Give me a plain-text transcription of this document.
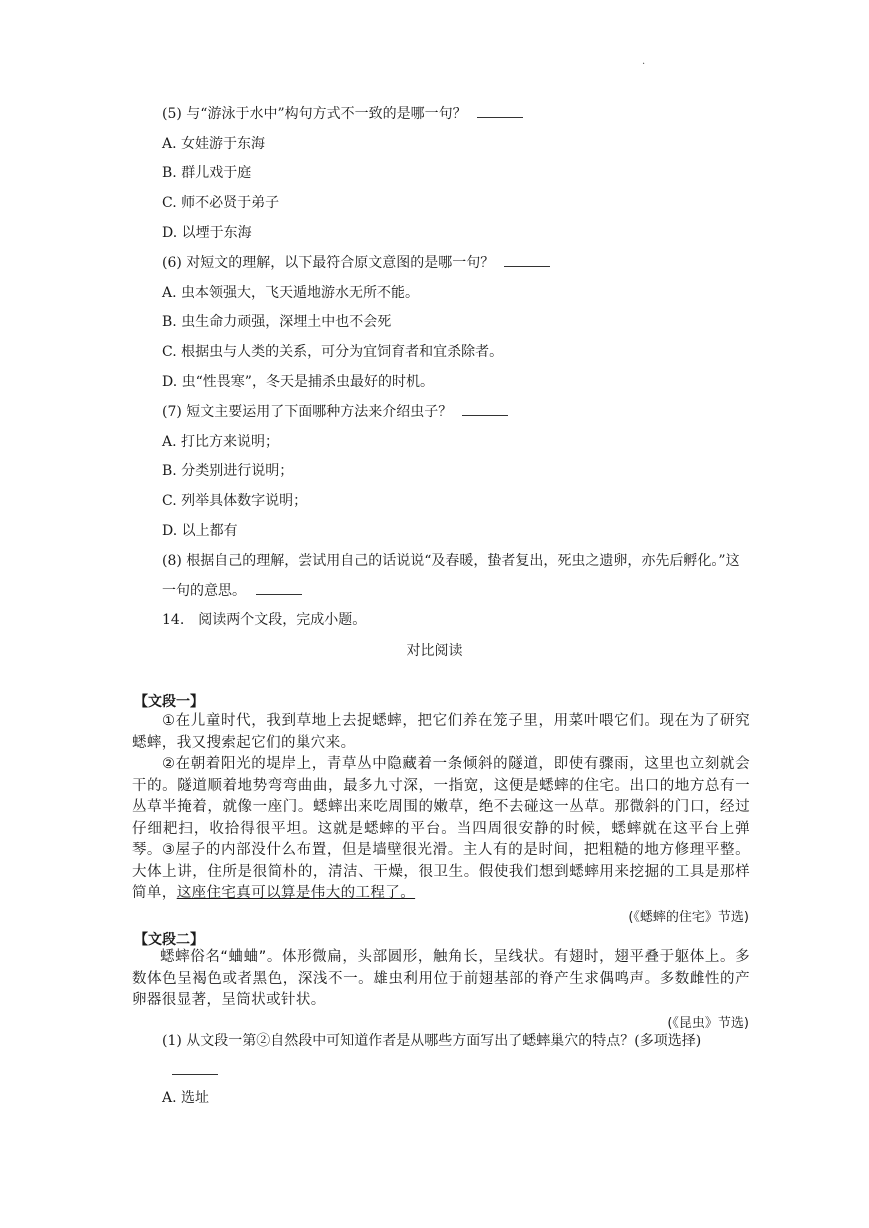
.
(5) 与“游泳于水中”构句方式不一致的是哪一句？
A. 女娃游于东海
B. 群儿戏于庭
C. 师不必贤于弟子
D. 以堙于东海
(6) 对短文的理解，以下最符合原文意图的是哪一句？
A. 虫本领强大，飞天遁地游水无所不能。
B. 虫生命力顽强，深埋土中也不会死
C. 根据虫与人类的关系，可分为宜饲育者和宜杀除者。
D. 虫“性畏寒”，冬天是捕杀虫最好的时机。
(7) 短文主要运用了下面哪种方法来介绍虫子？
A. 打比方来说明；
B. 分类别进行说明；
C. 列举具体数字说明；
D. 以上都有
(8) 根据自己的理解，尝试用自己的话说说“及春暖，蛰者复出，死虫之遗卵，亦先后孵化。”这一句的意思。
14.　阅读两个文段，完成小题。
对比阅读
【文段一】
①在儿童时代，我到草地上去捉蟋蟀，把它们养在笼子里，用菜叶喂它们。现在为了研究蟋蟀，我又搜索起它们的巢穴来。
②在朝着阳光的堤岸上，青草丛中隐藏着一条倾斜的隧道，即使有骤雨，这里也立刻就会干的。隧道顺着地势弯弯曲曲，最多九寸深，一指宽，这便是蟋蟀的住宅。出口的地方总有一丛草半掩着，就像一座门。蟋蟀出来吃周围的嫩草，绝不去碰这一丛草。那微斜的门口，经过仔细耙扫，收拾得很平坦。这就是蟋蟀的平台。当四周很安静的时候，蟋蟀就在这平台上弹琴。 ③屋子的内部没什么布置，但是墙壁很光滑。主人有的是时间，把粗糙的地方修理平整。大体上讲，住所是很简朴的，清洁、干燥，很卫生。假使我们想到蟋蟀用来挖掘的工具是那样简单，这座住宅真可以算是伟大的工程了。
(《蟋蟀的住宅》节选)
【文段二】
蟋蟀俗名“蛐蛐”。体形微扁，头部圆形，触角长，呈线状。有翅时，翅平叠于躯体上。多数体色呈褐色或者黑色，深浅不一。雄虫利用位于前翅基部的脊产生求偶鸣声。多数雌性的产卵器很显著，呈筒状或针状。
(《昆虫》节选)
(1) 从文段一第②自然段中可知道作者是从哪些方面写出了蟋蟀巢穴的特点？(多项选择)
A. 选址
